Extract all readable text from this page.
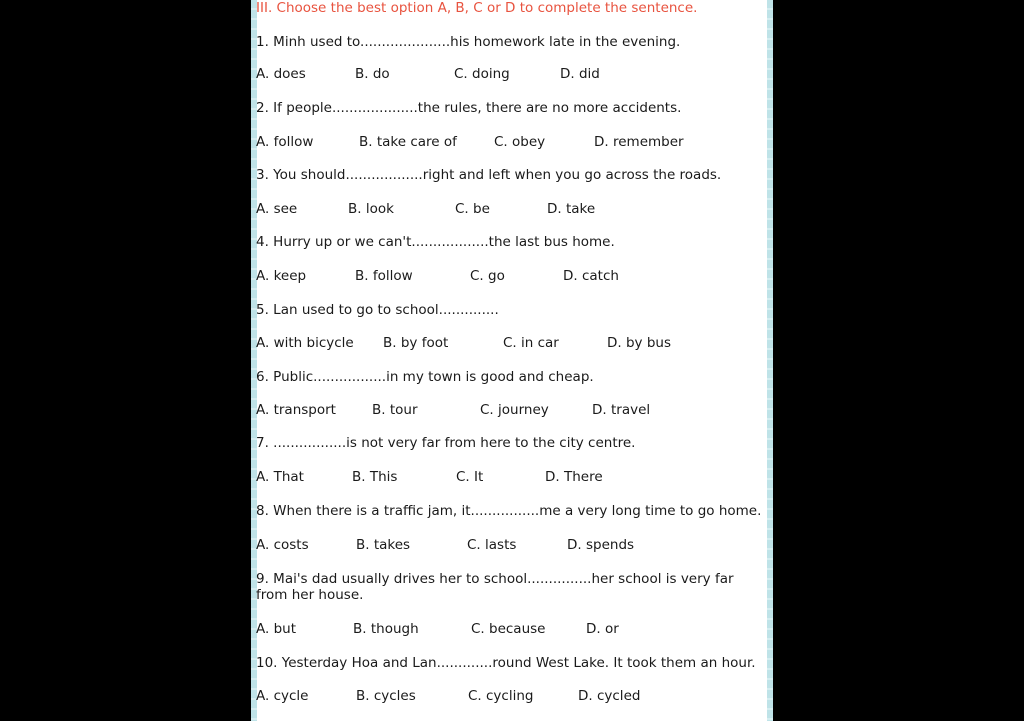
III. Choose the best option A, B, C or D to complete the sentence.
1. Minh used to.....................his homework late in the evening.
A. does	B. do	C. doing	D. did
2. If people....................the rules, there are no more accidents.
A. follow	B. take care of	C. obey	D. remember
3. You should..................right and left when you go across the roads.
A. see	B. look	C. be	D. take
4. Hurry up or we can't..................the last bus home.
A. keep	B. follow	C. go	D. catch
5. Lan used to go to school..............
A. with bicycle B. by foot	C. in car	D. by bus
6. Public.................in my town is good and cheap.
A. transport	B. tour	C. journey	D. travel
7. .................is not very far from here to the city centre.
A. That	B. This	C. It	D. There
8. When there is a traffic jam, it................me a very long time to go home.
A. costs	B. takes	C. lasts	D. spends
9. Mai's dad usually drives her to school...............her school is very far from her house.
A. but	B. though	C. because	D. or
10. Yesterday Hoa and Lan.............round West Lake. It took them an hour.
A. cycle	B. cycles	C. cycling	D. cycled
